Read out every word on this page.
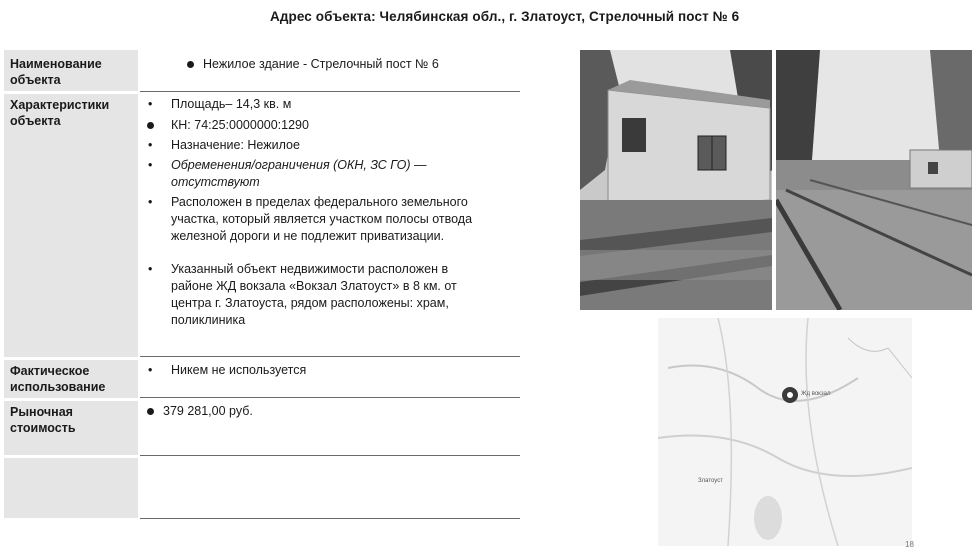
Адрес объекта: Челябинская обл., г. Златоуст, Стрелочный пост № 6
Наименование
объекта
Характеристики
объекта
Фактическое
использование
Рыночная
стоимость
Нежилое здание - Стрелочный пост № 6
• Площадь– 14,3 кв. м
КН: 74:25:0000000:1290
• Назначение: Нежилое
• Обременения/ограничения (ОКН, ЗС ГО) —
отсутствуют
• Расположен в пределах федерального земельного
участка, который является участком полосы отвода
железной дороги и не подлежит приватизации.
• Указанный объект недвижимости расположен в
районе ЖД вокзала «Вокзал Златоуст» в 8 км. от
центра г. Златоуста, рядом расположены: храм,
поликлиника
• Никем не используется
379 281,00 руб.
Жд вокзал
Златоуст
18
